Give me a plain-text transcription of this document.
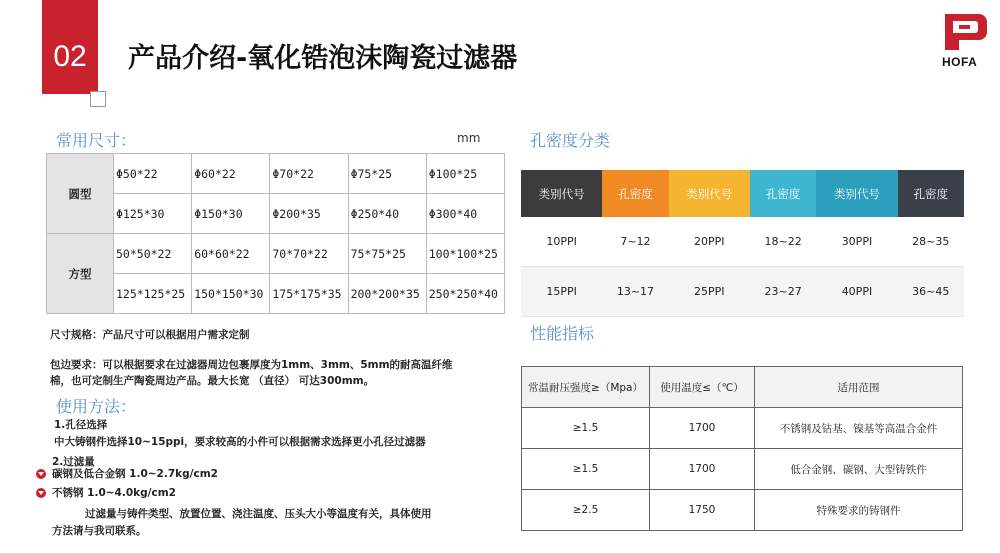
02	产品介绍-氧化锆泡沫陶瓷过滤器	HOFA
常用尺寸：	mm
圆型	Φ50*22	Φ60*22	Φ70*22	Φ75*25	Φ100*25
	Φ125*30	Φ150*30	Φ200*35	Φ250*40	Φ300*40
方型	50*50*22	60*60*22	70*70*22	75*75*25	100*100*25
	125*125*25	150*150*30	175*175*35	200*200*35	250*250*40
尺寸规格：产品尺寸可以根据用户需求定制
包边要求：可以根据要求在过滤器周边包裹厚度为1mm、3mm、5mm的耐高温纤维
棉，也可定制生产陶瓷周边产品。最大长宽 （直径） 可达300mm。
使用方法：
1.孔径选择
中大铸钢件选择10~15ppi，要求较高的小件可以根据需求选择更小孔径过滤器
2.过滤量
碳钢及低合金钢 1.0~2.7kg/cm2
不锈钢 1.0~4.0kg/cm2
过滤量与铸件类型、放置位置、浇注温度、压头大小等温度有关，具体使用
方法请与我司联系。
孔密度分类
类别代号	孔密度	类别代号	孔密度	类别代号	孔密度
10PPI	7~12	20PPI	18~22	30PPI	28~35
15PPI	13~17	25PPI	23~27	40PPI	36~45
性能指标
常温耐压强度≥（Mpa）	使用温度≤（℃）	适用范围
≥1.5	1700	不锈钢及钴基、镍基等高温合金件
≥1.5	1700	低合金钢、碳钢、大型铸铁件
≥2.5	1750	特殊要求的铸钢件
